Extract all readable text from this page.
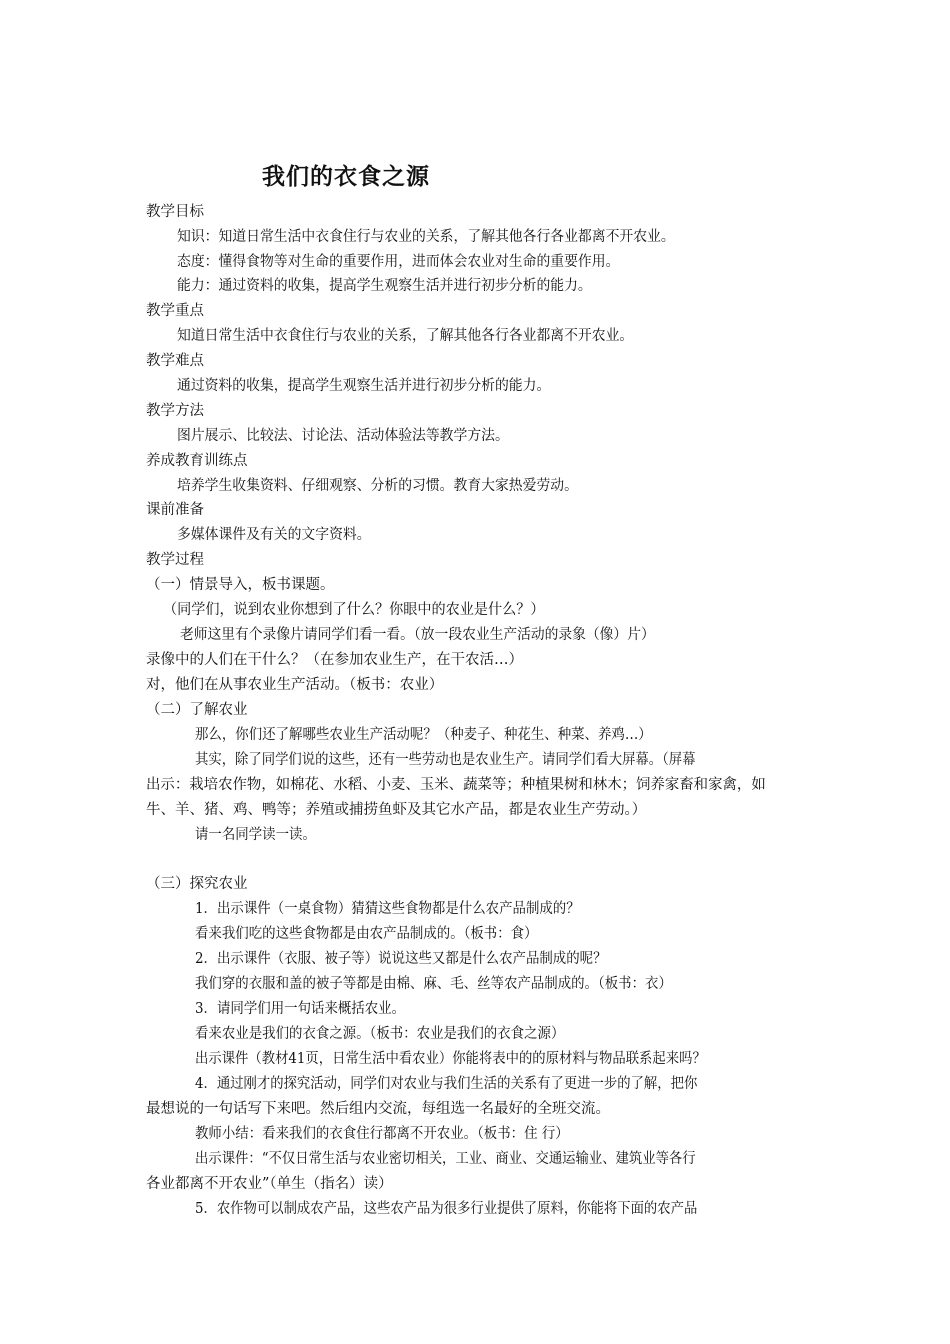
我们的衣食之源
教学目标
知识：知道日常生活中衣食住行与农业的关系，了解其他各行各业都离不开农业。
态度：懂得食物等对生命的重要作用，进而体会农业对生命的重要作用。
能力：通过资料的收集，提高学生观察生活并进行初步分析的能力。
教学重点
知道日常生活中衣食住行与农业的关系，了解其他各行各业都离不开农业。
教学难点
通过资料的收集，提高学生观察生活并进行初步分析的能力。
教学方法
图片展示、比较法、讨论法、活动体验法等教学方法。
养成教育训练点
培养学生收集资料、仔细观察、分析的习惯。教育大家热爱劳动。
课前准备
多媒体课件及有关的文字资料。
教学过程
（一）情景导入，板书课题。
（同学们，说到农业你想到了什么？你眼中的农业是什么？）
老师这里有个录像片请同学们看一看。（放一段农业生产活动的录象（像）片）
录像中的人们在干什么？（在参加农业生产，在干农活…）
对，他们在从事农业生产活动。（板书：农业）
（二）了解农业
那么，你们还了解哪些农业生产活动呢？（种麦子、种花生、种菜、养鸡…）
其实，除了同学们说的这些，还有一些劳动也是农业生产。请同学们看大屏幕。（屏幕
出示：栽培农作物，如棉花、水稻、小麦、玉米、蔬菜等；种植果树和林木；饲养家畜和家禽，如
牛、羊、猪、鸡、鸭等；养殖或捕捞鱼虾及其它水产品，都是农业生产劳动。）
请一名同学读一读。
（三）探究农业
1．出示课件（一桌食物）猜猜这些食物都是什么农产品制成的？
看来我们吃的这些食物都是由农产品制成的。（板书：食）
2．出示课件（衣服、被子等）说说这些又都是什么农产品制成的呢？
我们穿的衣服和盖的被子等都是由棉、麻、毛、丝等农产品制成的。（板书：衣）
3．请同学们用一句话来概括农业。
看来农业是我们的衣食之源。（板书：农业是我们的衣食之源）
出示课件（教材41页，日常生活中看农业）你能将表中的的原材料与物品联系起来吗？
4．通过刚才的探究活动，同学们对农业与我们生活的关系有了更进一步的了解，把你
最想说的一句话写下来吧。然后组内交流，每组选一名最好的全班交流。
教师小结：看来我们的衣食住行都离不开农业。（板书：住 行）
出示课件：“不仅日常生活与农业密切相关，工业、商业、交通运输业、建筑业等各行
各业都离不开农业”（单生（指名）读）
5．农作物可以制成农产品，这些农产品为很多行业提供了原料，你能将下面的农产品
